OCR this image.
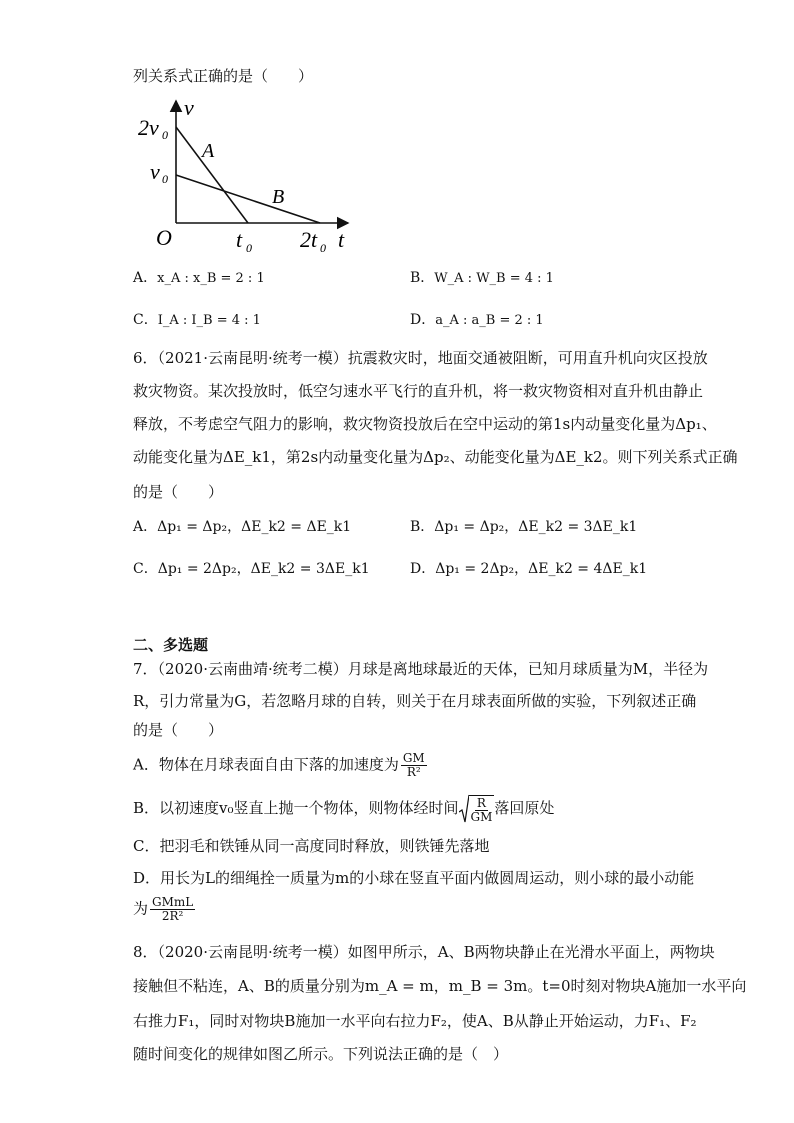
列关系式正确的是（　　）
v
t
O
2v 0
v 0
t 0 2t 0
A
B
A．x_A : x_B = 2 : 1	B．W_A : W_B = 4 : 1
C．I_A : I_B = 4 : 1	D．a_A : a_B = 2 : 1
6．（2021·云南昆明·统考一模）抗震救灾时，地面交通被阻断，可用直升机向灾区投放
救灾物资。某次投放时，低空匀速水平飞行的直升机，将一救灾物资相对直升机由静止
释放，不考虑空气阻力的影响，救灾物资投放后在空中运动的第1s内动量变化量为Δp₁、
动能变化量为ΔE_k1，第2s内动量变化量为Δp₂、动能变化量为ΔE_k2。则下列关系式正确
的是（　　）
A．Δp₁ = Δp₂，ΔE_k2 = ΔE_k1	B．Δp₁ = Δp₂，ΔE_k2 = 3ΔE_k1
C．Δp₁ = 2Δp₂，ΔE_k2 = 3ΔE_k1	D．Δp₁ = 2Δp₂，ΔE_k2 = 4ΔE_k1
二、多选题
7．（2020·云南曲靖·统考二模）月球是离地球最近的天体，已知月球质量为M，半径为
R，引力常量为G，若忽略月球的自转，则关于在月球表面所做的实验，下列叙述正确
的是（　　）
A．物体在月球表面自由下落的加速度为 $\frac{GM}{\text{R²}}$
B．以初速度v₀竖直上抛一个物体，则物体经时间 $\frac{R}{GM}$ 落回原处
C．把羽毛和铁锤从同一高度同时释放，则铁锤先落地
D．用长为L的细绳拴一质量为m的小球在竖直平面内做圆周运动，则小球的最小动能
为 $\frac{\text{GMmL}}{\text{2R²}}$
8．（2020·云南昆明·统考一模）如图甲所示，A、B两物块静止在光滑水平面上，两物块
接触但不粘连，A、B的质量分别为m_A = m，m_B = 3m。t=0时刻对物块A施加一水平向
右推力F₁，同时对物块B施加一水平向右拉力F₂，使A、B从静止开始运动，力F₁、F₂
随时间变化的规律如图乙所示。下列说法正确的是（　）
